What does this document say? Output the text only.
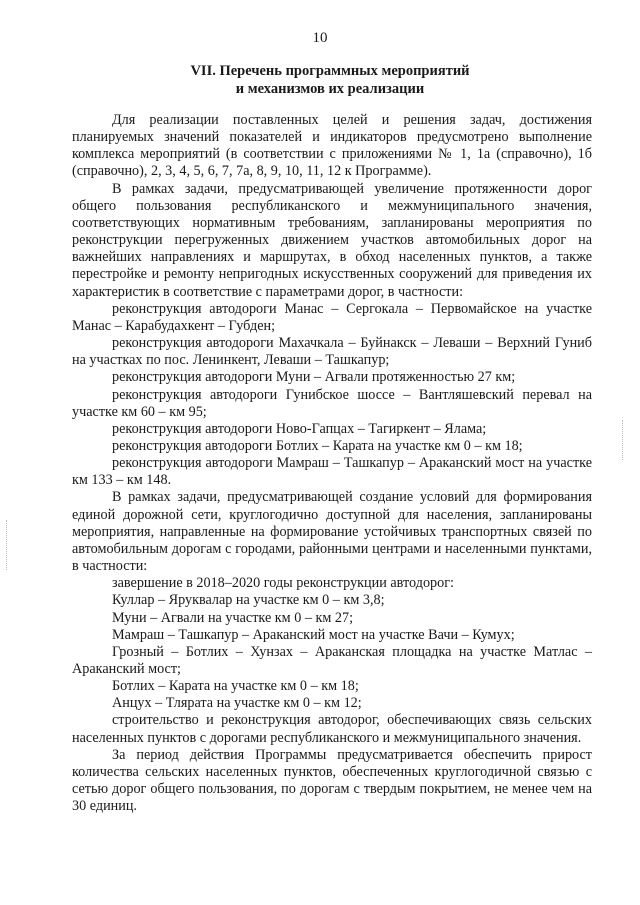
10
VII. Перечень программных мероприятий
и механизмов их реализации

Для реализации поставленных целей и решения задач, достижения планируемых значений показателей и индикаторов предусмотрено выполнение комплекса мероприятий (в соответствии с приложениями № 1, 1а (справочно), 1б (справочно), 2, 3, 4, 5, 6, 7, 7а, 8, 9, 10, 11, 12 к Программе).

В рамках задачи, предусматривающей увеличение протяженности дорог общего пользования республиканского и межмуниципального значения, соответствующих нормативным требованиям, запланированы мероприятия по реконструкции перегруженных движением участков автомобильных дорог на важнейших направлениях и маршрутах, в обход населенных пунктов, а также перестройке и ремонту непригодных искусственных сооружений для приведения их характеристик в соответствие с параметрами дорог, в частности:

реконструкция автодороги Манас – Сергокала – Первомайское на участке Манас – Карабудахкент – Губден;

реконструкция автодороги Махачкала – Буйнакск – Леваши – Верхний Гуниб на участках по пос. Ленинкент, Леваши – Ташкапур;

реконструкция автодороги Муни – Агвали протяженностью 27 км;

реконструкция автодороги Гунибское шоссе – Вантляшевский перевал на участке км 60 – км 95;

реконструкция автодороги Ново-Гапцах – Тагиркент – Ялама;

реконструкция автодороги Ботлих – Карата на участке км 0 – км 18;

реконструкция автодороги Мамраш – Ташкапур – Араканский мост на участке км 133 – км 148.

В рамках задачи, предусматривающей создание условий для формирования единой дорожной сети, круглогодично доступной для населения, запланированы мероприятия, направленные на формирование устойчивых транспортных связей по автомобильным дорогам с городами, районными центрами и населенными пунктами, в частности:

завершение в 2018–2020 годы реконструкции автодорог:

Куллар – Яруквалар на участке км 0 – км 3,8;

Муни – Агвали на участке км 0 – км 27;

Мамраш – Ташкапур – Араканский мост на участке Вачи – Кумух;

Грозный – Ботлих – Хунзах – Араканская площадка на участке Матлас – Араканский мост;

Ботлих – Карата на участке км 0 – км 18;

Анцух – Тлярата на участке км 0 – км 12;

строительство и реконструкция автодорог, обеспечивающих связь сельских населенных пунктов с дорогами республиканского и межмуниципального значения.

За период действия Программы предусматривается обеспечить прирост количества сельских населенных пунктов, обеспеченных круглогодичной связью с сетью дорог общего пользования, по дорогам с твердым покрытием, не менее чем на 30 единиц.
